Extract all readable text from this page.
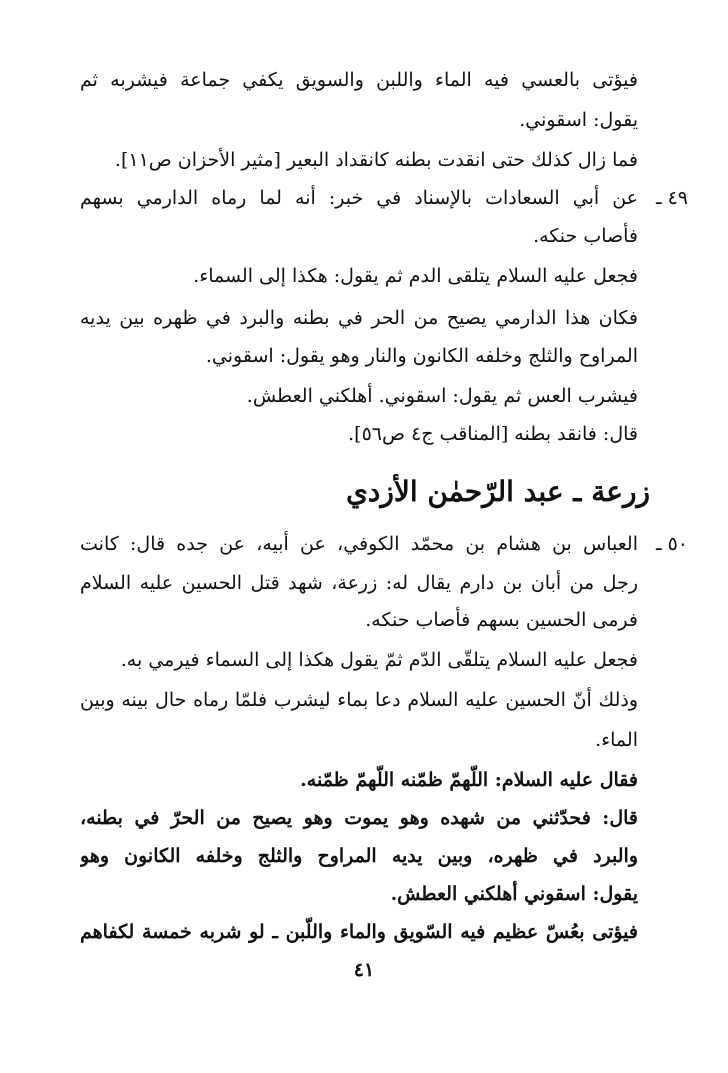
فيؤتى بالعسي فيه الماء واللبن والسويق يكفي جماعة فيشربه ثم
يقول: اسقوني.
فما زال كذلك حتى انقدت بطنه كانقداد البعير [مثير الأحزان ص١١].
٤٩ ـ
عن أبي السعادات بالإسناد في خبر: أنه لما رماه الدارمي بسهم
فأصاب حنكه.
فجعل عليه السلام يتلقى الدم ثم يقول: هكذا إلى السماء.
فكان هذا الدارمي يصيح من الحر في بطنه والبرد في ظهره بين يديه
المراوح والثلج وخلفه الكانون والنار وهو يقول: اسقوني.
فيشرب العس ثم يقول: اسقوني. أهلكني العطش.
قال: فانقد بطنه [المناقب ج٤ ص٥٦].
زرعة ـ عبد الرّحمٰن الأزدي
٥٠ ـ
العباس بن هشام بن محمّد الكوفي، عن أبيه، عن جده قال: كانت
رجل من أبان بن دارم يقال له: زرعة، شهد قتل الحسين عليه السلام
فرمى الحسين بسهم فأصاب حنكه.
فجعل عليه السلام يتلقّى الدّم ثمّ يقول هكذا إلى السماء فيرمي به.
وذلك أنّ الحسين عليه السلام دعا بماء ليشرب فلمّا رماه حال بينه وبين
الماء.
فقال عليه السلام: اللّهمّ ظمّنه اللّهمّ ظمّنه.
قال: فحدّثني من شهده وهو يموت وهو يصيح من الحرّ في بطنه،
والبرد في ظهره، وبين يديه المراوح والثلج وخلفه الكانون وهو
يقول: اسقوني أهلكني العطش.
فيؤتى بعُسّ عظيم فيه السّويق والماء واللّبن ـ لو شربه خمسة لكفاهم
٤١
